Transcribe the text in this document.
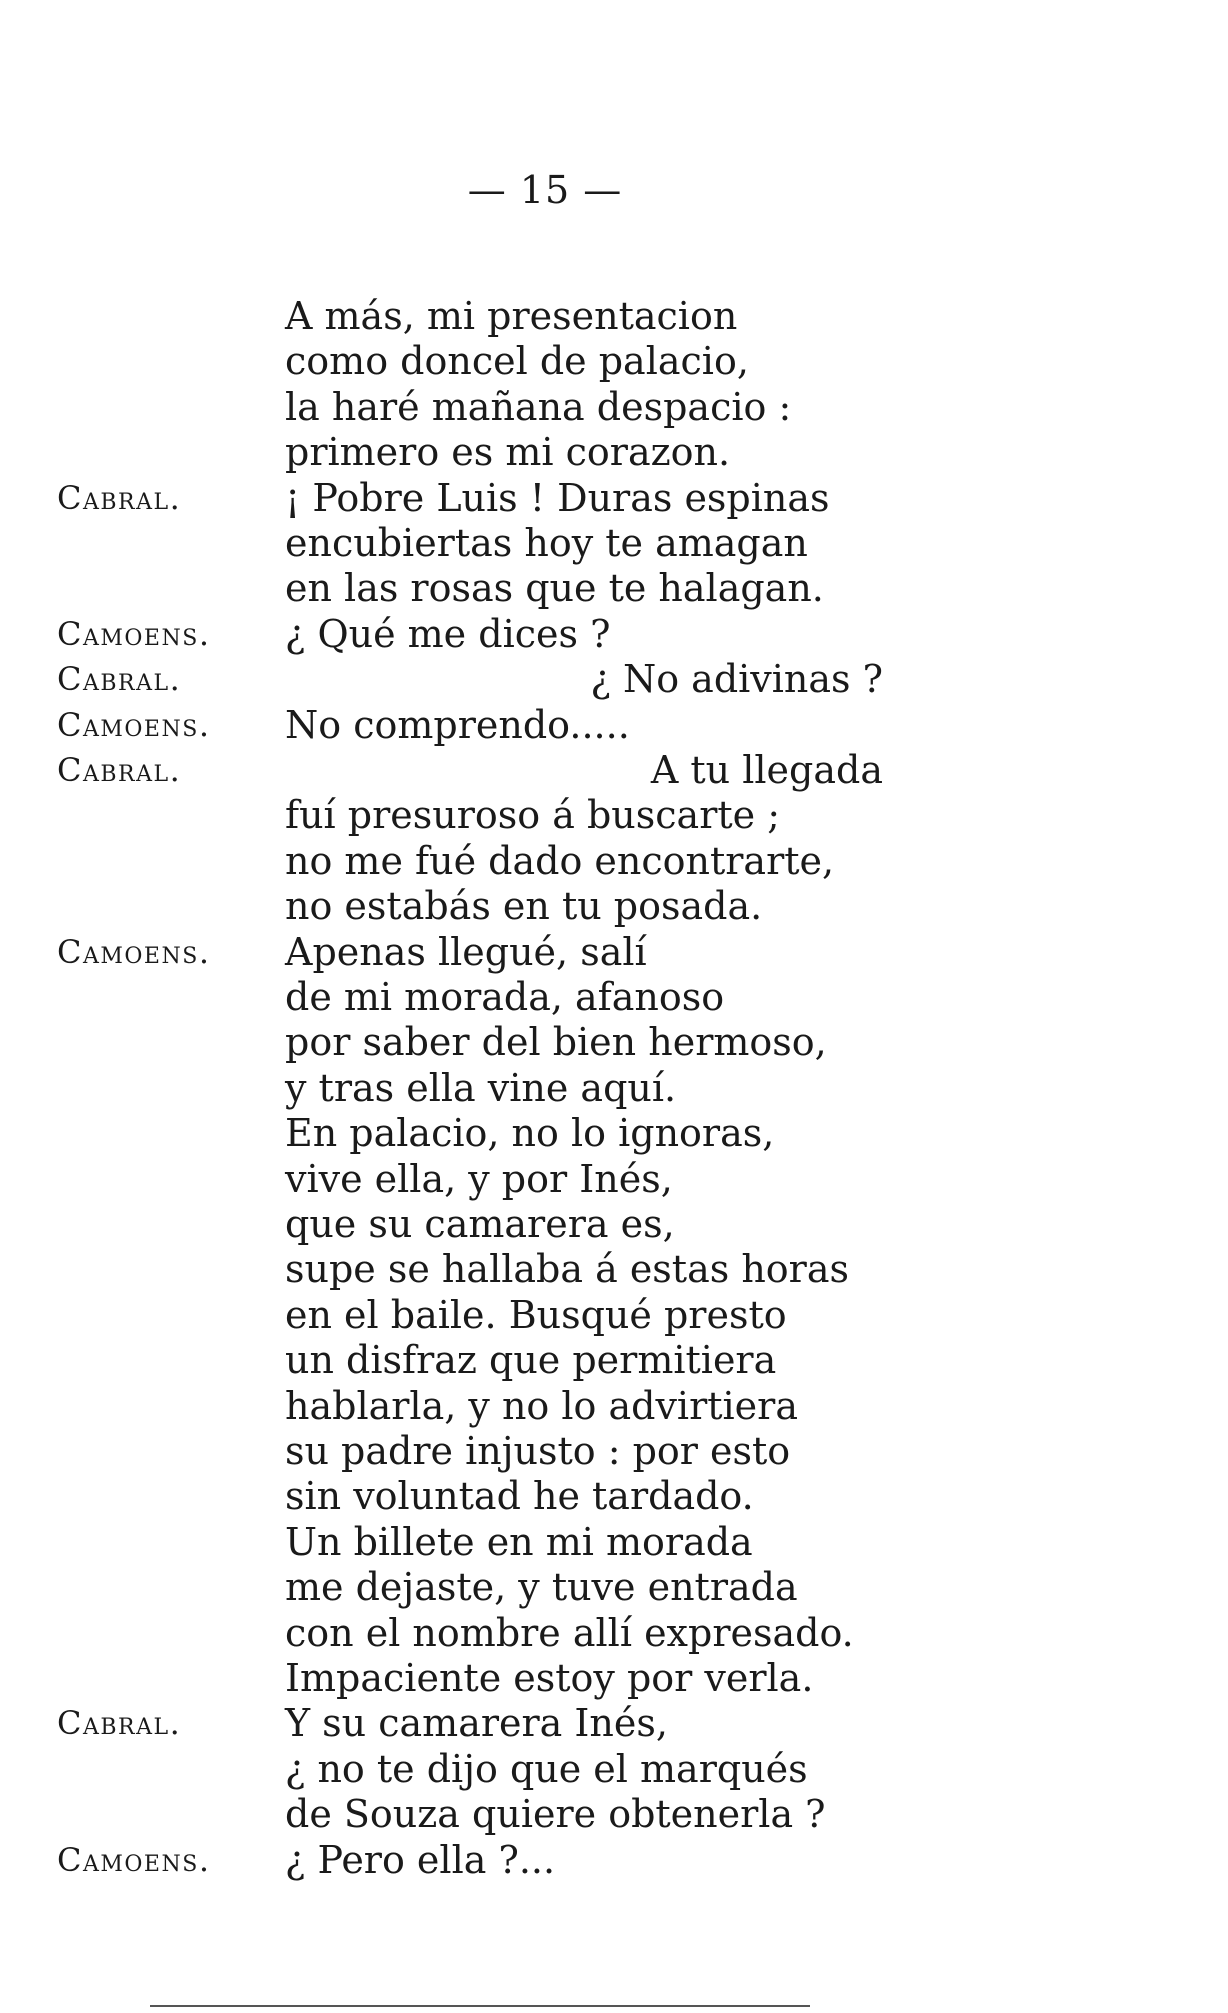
— 15 —
A más, mi presentacion
como doncel de palacio,
la haré mañana despacio :
primero es mi corazon.
Cabral.	¡ Pobre Luis ! Duras espinas
encubiertas hoy te amagan
en las rosas que te halagan.
Camoens. ¿ Qué me dices ?
Cabral.	¿ No adivinas ?
Camoens. No comprendo.....
Cabral.	A tu llegada
fuí presuroso á buscarte ;
no me fué dado encontrarte,
no estabás en tu posada.
Camoens. Apenas llegué, salí
de mi morada, afanoso
por saber del bien hermoso,
y tras ella vine aquí.
En palacio, no lo ignoras,
vive ella, y por Inés,
que su camarera es,
supe se hallaba á estas horas
en el baile. Busqué presto
un disfraz que permitiera
hablarla, y no lo advirtiera
su padre injusto : por esto
sin voluntad he tardado.
Un billete en mi morada
me dejaste, y tuve entrada
con el nombre allí expresado.
Impaciente estoy por verla.
Cabral.	Y su camarera Inés,
¿ no te dijo que el marqués
de Souza quiere obtenerla ?
Camoens. ¿ Pero ella ?...
